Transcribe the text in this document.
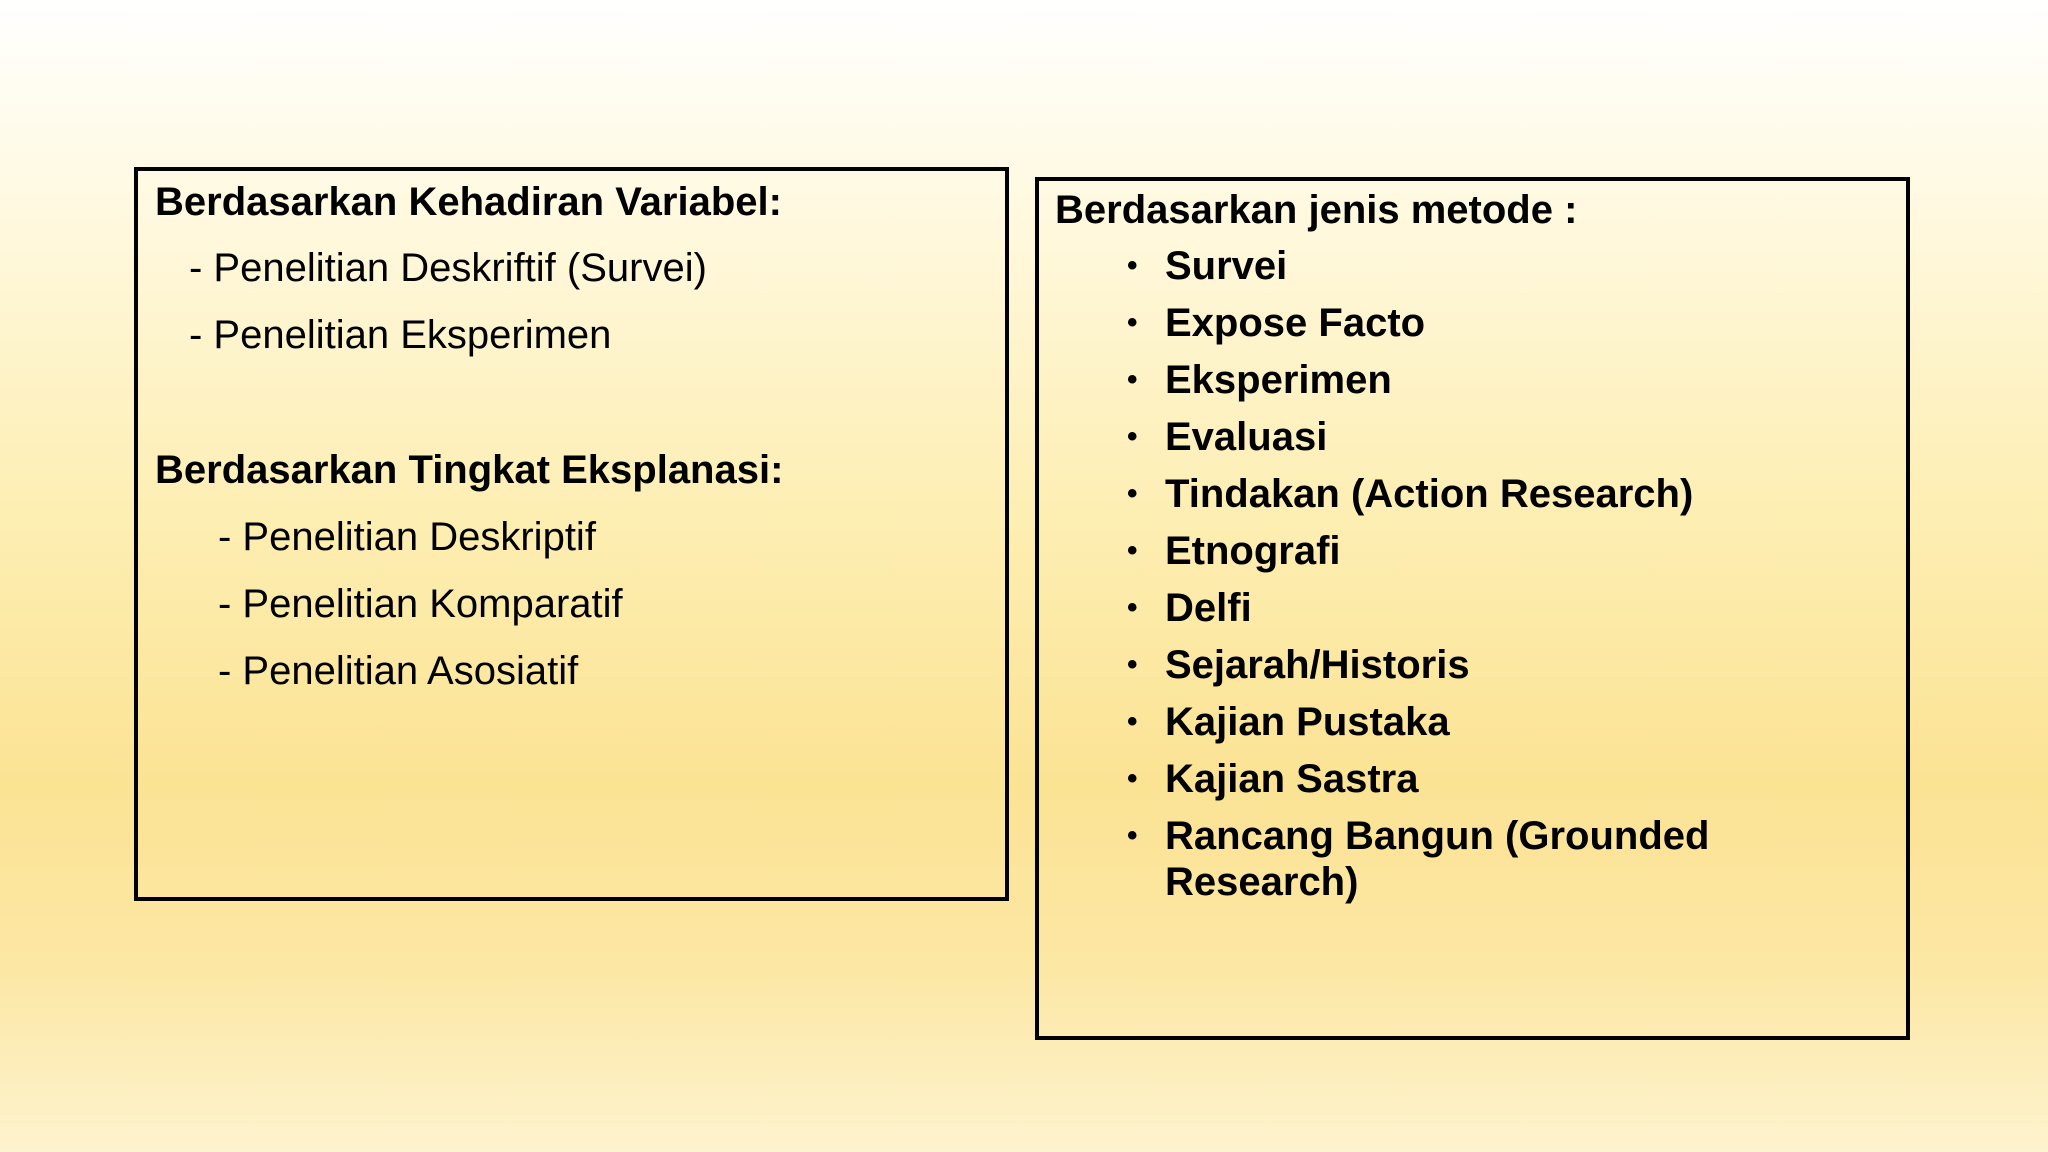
Berdasarkan Kehadiran Variabel:
- Penelitian Deskriftif (Survei)
- Penelitian Eksperimen
Berdasarkan Tingkat Eksplanasi:
- Penelitian Deskriptif
- Penelitian Komparatif
- Penelitian Asosiatif
Berdasarkan jenis metode :
• Survei
• Expose Facto
• Eksperimen
• Evaluasi
• Tindakan (Action Research)
• Etnografi
• Delfi
• Sejarah/Historis
• Kajian Pustaka
• Kajian Sastra
• Rancang Bangun (Grounded Research)
